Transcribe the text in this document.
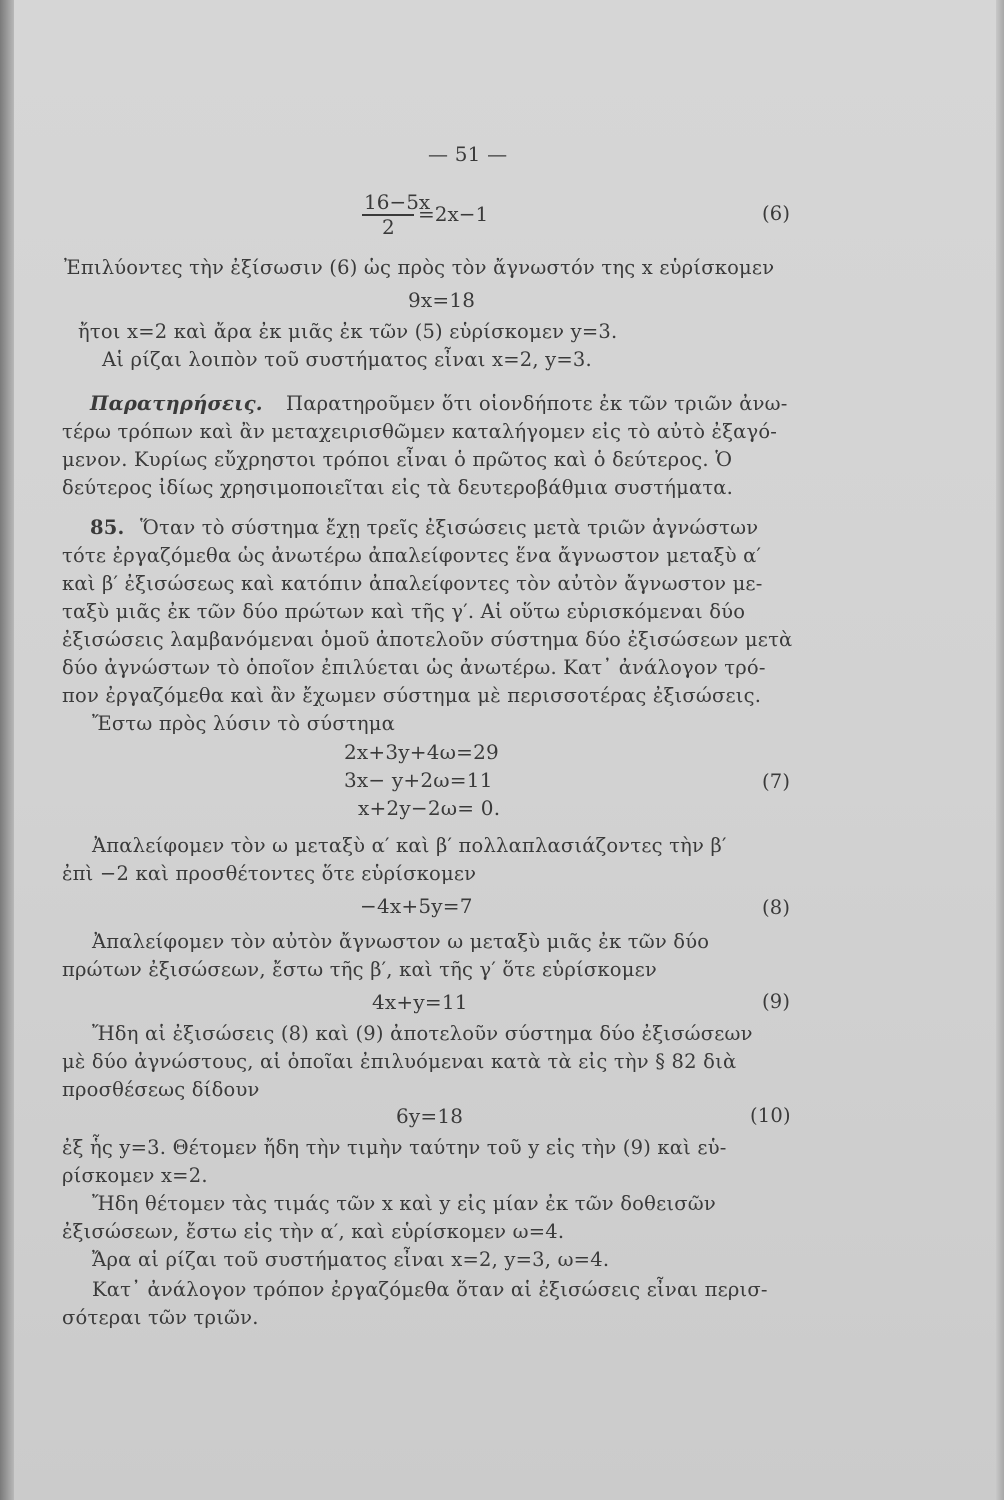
— 51 —
16−5x
2
=2x−1	(6)
Ἐπιλύοντες τὴν ἐξίσωσιν (6) ὡς πρὸς τὸν ἄγνωστόν της x εὑρίσκομεν
9x=18
ἤτοι x=2 καὶ ἄρα ἐκ μιᾶς ἐκ τῶν (5) εὑρίσκομεν y=3.
Αἱ ρίζαι λοιπὸν τοῦ συστήματος εἶναι x=2, y=3.
Παρατηρήσεις. Παρατηροῦμεν ὅτι οἱονδήποτε ἐκ τῶν τριῶν ἀνω-
τέρω τρόπων καὶ ἂν μεταχειρισθῶμεν καταλήγομεν εἰς τὸ αὐτὸ ἐξαγό-
μενον. Κυρίως εὔχρηστοι τρόποι εἶναι ὁ πρῶτος καὶ ὁ δεύτερος. Ὁ
δεύτερος ἰδίως χρησιμοποιεῖται εἰς τὰ δευτεροβάθμια συστήματα.
85. Ὅταν τὸ σύστημα ἔχῃ τρεῖς ἐξισώσεις μετὰ τριῶν ἀγνώστων
τότε ἐργαζόμεθα ὡς ἀνωτέρω ἀπαλείφοντες ἕνα ἄγνωστον μεταξὺ α′
καὶ β′ ἐξισώσεως καὶ κατόπιν ἀπαλείφοντες τὸν αὐτὸν ἄγνωστον με-
ταξὺ μιᾶς ἐκ τῶν δύο πρώτων καὶ τῆς γ′. Αἱ οὕτω εὑρισκόμεναι δύο
ἐξισώσεις λαμβανόμεναι ὁμοῦ ἀποτελοῦν σύστημα δύο ἐξισώσεων μετὰ
δύο ἀγνώστων τὸ ὁποῖον ἐπιλύεται ὡς ἀνωτέρω. Κατ᾽ ἀνάλογον τρό-
πον ἐργαζόμεθα καὶ ἂν ἔχωμεν σύστημα μὲ περισσοτέρας ἐξισώσεις.
Ἔστω πρὸς λύσιν τὸ σύστημα
2x+3y+4ω=29
3x− y+2ω=11	(7)
x+2y−2ω= 0.
Ἀπαλείφομεν τὸν ω μεταξὺ α′ καὶ β′ πολλαπλασιάζοντες τὴν β′
ἐπὶ −2 καὶ προσθέτοντες ὅτε εὑρίσκομεν
−4x+5y=7	(8)
Ἀπαλείφομεν τὸν αὐτὸν ἄγνωστον ω μεταξὺ μιᾶς ἐκ τῶν δύο
πρώτων ἐξισώσεων, ἔστω τῆς β′, καὶ τῆς γ′ ὅτε εὑρίσκομεν
4x+y=11	(9)
Ἤδη αἱ ἐξισώσεις (8) καὶ (9) ἀποτελοῦν σύστημα δύο ἐξισώσεων
μὲ δύο ἀγνώστους, αἱ ὁποῖαι ἐπιλυόμεναι κατὰ τὰ εἰς τὴν § 82 διὰ
προσθέσεως δίδουν
6y=18	(10)
ἐξ ἧς y=3. Θέτομεν ἤδη τὴν τιμὴν ταύτην τοῦ y εἰς τὴν (9) καὶ εὑ-
ρίσκομεν x=2.
Ἤδη θέτομεν τὰς τιμάς τῶν x καὶ y εἰς μίαν ἐκ τῶν δοθεισῶν
ἐξισώσεων, ἔστω εἰς τὴν α′, καὶ εὑρίσκομεν ω=4.
Ἄρα αἱ ρίζαι τοῦ συστήματος εἶναι x=2, y=3, ω=4.
Κατ᾽ ἀνάλογον τρόπον ἐργαζόμεθα ὅταν αἱ ἐξισώσεις εἶναι περισ-
σότεραι τῶν τριῶν.
